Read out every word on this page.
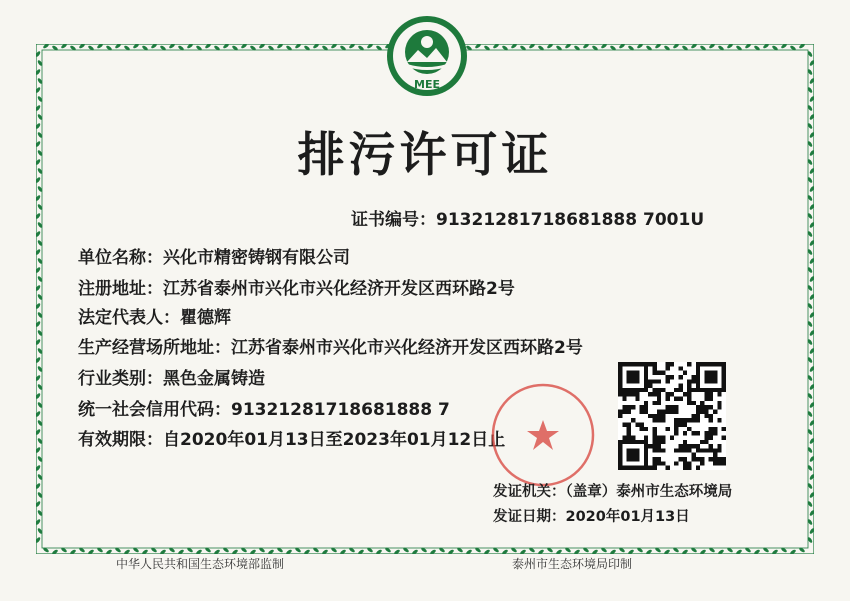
MEE
排污许可证
证书编号：91321281718681888 7001U
单位名称：兴化市精密铸钢有限公司
注册地址：江苏省泰州市兴化市兴化经济开发区西环路2号
法定代表人：瞿德辉
生产经营场所地址：江苏省泰州市兴化市兴化经济开发区西环路2号
行业类别：黑色金属铸造
统一社会信用代码：91321281718681888 7
有效期限：自2020年01月13日至2023年01月12日止
发证机关：（盖章）泰州市生态环境局
发证日期：2020年01月13日
中华人民共和国生态环境部监制	泰州市生态环境局印制
